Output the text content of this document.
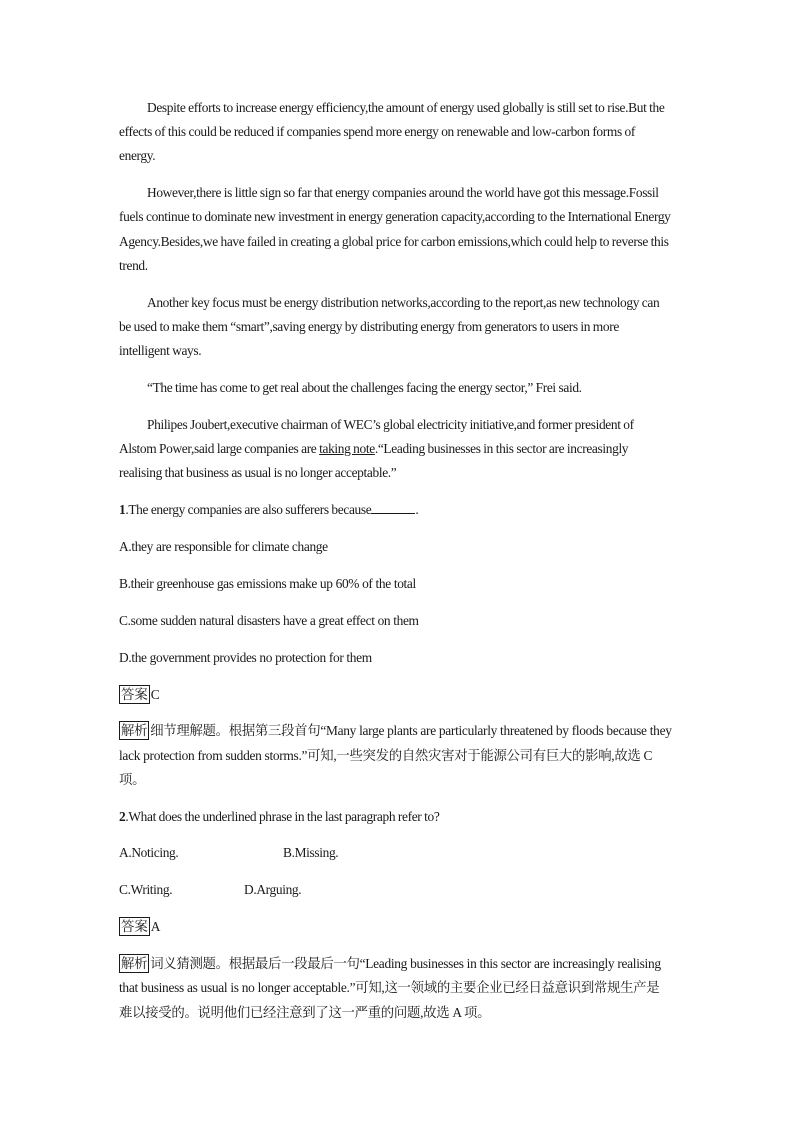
Despite efforts to increase energy efficiency,the amount of energy used globally is still set to rise.But the effects of this could be reduced if companies spend more energy on renewable and low-carbon forms of energy.

However,there is little sign so far that energy companies around the world have got this message.Fossil fuels continue to dominate new investment in energy generation capacity,according to the International Energy Agency.Besides,we have failed in creating a global price for carbon emissions,which could help to reverse this trend.

Another key focus must be energy distribution networks,according to the report,as new technology can be used to make them “smart”,saving energy by distributing energy from generators to users in more intelligent ways.

“The time has come to get real about the challenges facing the energy sector,” Frei said.

Philipes Joubert,executive chairman of WEC’s global electricity initiative,and former president of Alstom Power,said large companies are taking note.“Leading businesses in this sector are increasingly realising that business as usual is no longer acceptable.”

1.The energy companies are also sufferers because	.

A.they are responsible for climate change

B.their greenhouse gas emissions make up 60% of the total

C.some sudden natural disasters have a great effect on them

D.the government provides no protection for them

答案 C

解析 细节理解题。根据第三段首句“Many large plants are particularly threatened by floods because they lack protection from sudden storms.”可知,一些突发的自然灾害对于能源公司有巨大的影响,故选 C 项。

2.What does the underlined phrase in the last paragraph refer to?

A.Noticing.	B.Missing.

C.Writing.	D.Arguing.

答案 A

解析 词义猜测题。根据最后一段最后一句“Leading businesses in this sector are increasingly realising that business as usual is no longer acceptable.”可知,这一领域的主要企业已经日益意识到常规生产是难以接受的。说明他们已经注意到了这一严重的问题,故选 A 项。
